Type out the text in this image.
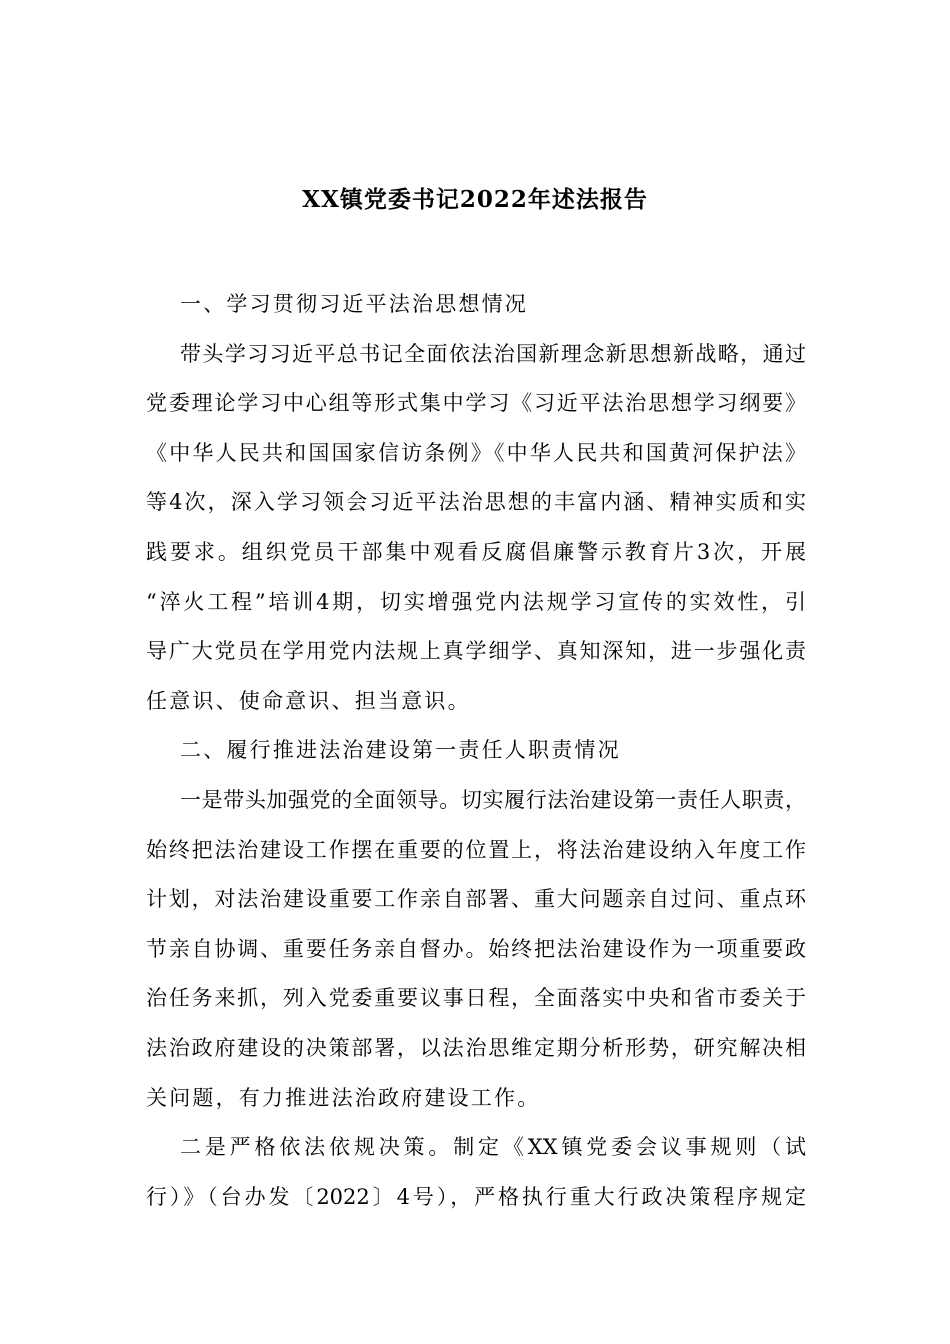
XX镇党委书记2022年述法报告
一、学习贯彻习近平法治思想情况
带头学习习近平总书记全面依法治国新理念新思想新战略，通过
党委理论学习中心组等形式集中学习《习近平法治思想学习纲要》
《中华人民共和国国家信访条例》《中华人民共和国黄河保护法》
等4次，深入学习领会习近平法治思想的丰富内涵、精神实质和实
践要求。组织党员干部集中观看反腐倡廉警示教育片3次，开展
“淬火工程”培训4期，切实增强党内法规学习宣传的实效性，引
导广大党员在学用党内法规上真学细学、真知深知，进一步强化责
任意识、使命意识、担当意识。
二、履行推进法治建设第一责任人职责情况
一是带头加强党的全面领导。切实履行法治建设第一责任人职责，
始终把法治建设工作摆在重要的位置上，将法治建设纳入年度工作
计划，对法治建设重要工作亲自部署、重大问题亲自过问、重点环
节亲自协调、重要任务亲自督办。始终把法治建设作为一项重要政
治任务来抓，列入党委重要议事日程，全面落实中央和省市委关于
法治政府建设的决策部署，以法治思维定期分析形势，研究解决相
关问题，有力推进法治政府建设工作。
二是严格依法依规决策。制定《XX镇党委会议事规则（试
行）》（台办发〔2022〕4号），严格执行重大行政决策程序规定
